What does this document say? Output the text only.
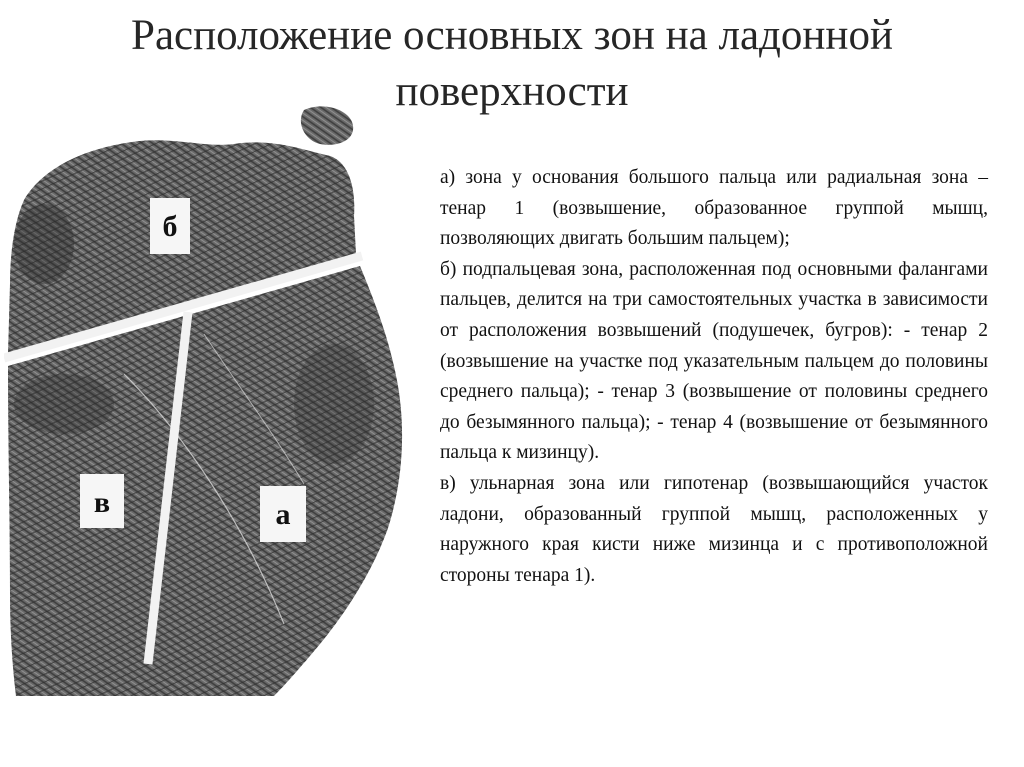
Расположение основных зон на ладонной
поверхности
б
в	а

а) зона у основания большого пальца или радиальная зона – тенар 1 (возвышение, образованное группой мышц, позволяющих двигать большим пальцем);

б) подпальцевая зона, расположенная под основными фалангами пальцев, делится на три самостоятельных участка в зависимости от расположения возвышений (подушечек, бугров): - тенар 2 (возвышение на участке под указательным пальцем до половины среднего пальца); - тенар 3 (возвышение от половины среднего до безымянного пальца); - тенар 4 (возвышение от безымянного пальца к мизинцу).

в) ульнарная зона или гипотенар (возвышающийся участок ладони, образованный группой мышц, расположенных у наружного края кисти ниже мизинца и с противоположной стороны тенара 1).
